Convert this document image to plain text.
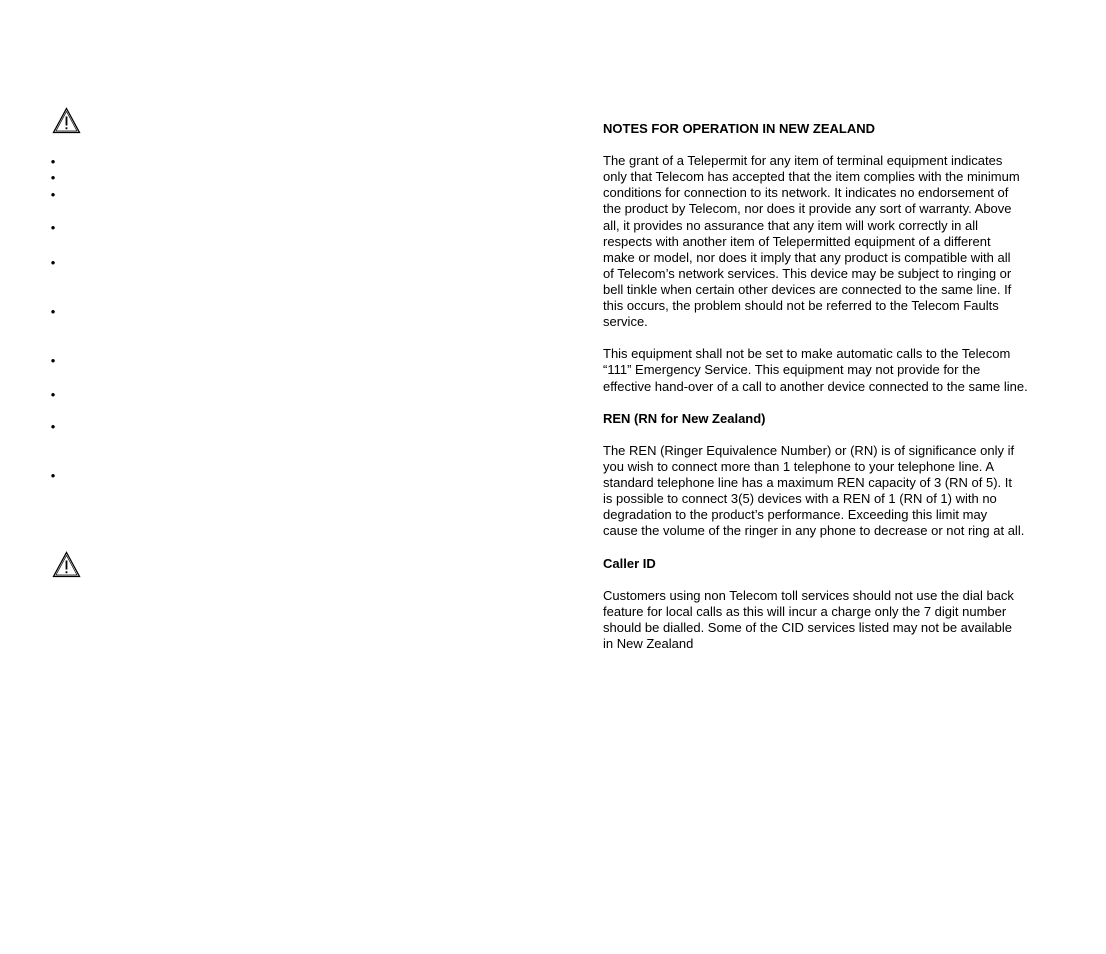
•
•
•
•
•
•
•
•
•
•

NOTES FOR OPERATION IN NEW ZEALAND

The grant of a Telepermit for any item of terminal equipment indicates
only that Telecom has accepted that the item complies with the minimum
conditions for connection to its network. It indicates no endorsement of
the product by Telecom, nor does it provide any sort of warranty. Above
all, it provides no assurance that any item will work correctly in all
respects with another item of Telepermitted equipment of a different
make or model, nor does it imply that any product is compatible with all
of Telecom’s network services. This device may be subject to ringing or
bell tinkle when certain other devices are connected to the same line. If
this occurs, the problem should not be referred to the Telecom Faults
service.

This equipment shall not be set to make automatic calls to the Telecom
“111” Emergency Service. This equipment may not provide for the
effective hand-over of a call to another device connected to the same line.

REN (RN for New Zealand)

The REN (Ringer Equivalence Number) or (RN) is of significance only if
you wish to connect more than 1 telephone to your telephone line. A
standard telephone line has a maximum REN capacity of 3 (RN of 5). It
is possible to connect 3(5) devices with a REN of 1 (RN of 1) with no
degradation to the product’s performance. Exceeding this limit may
cause the volume of the ringer in any phone to decrease or not ring at all.

Caller ID

Customers using non Telecom toll services should not use the dial back
feature for local calls as this will incur a charge only the 7 digit number
should be dialled. Some of the CID services listed may not be available
in New Zealand
